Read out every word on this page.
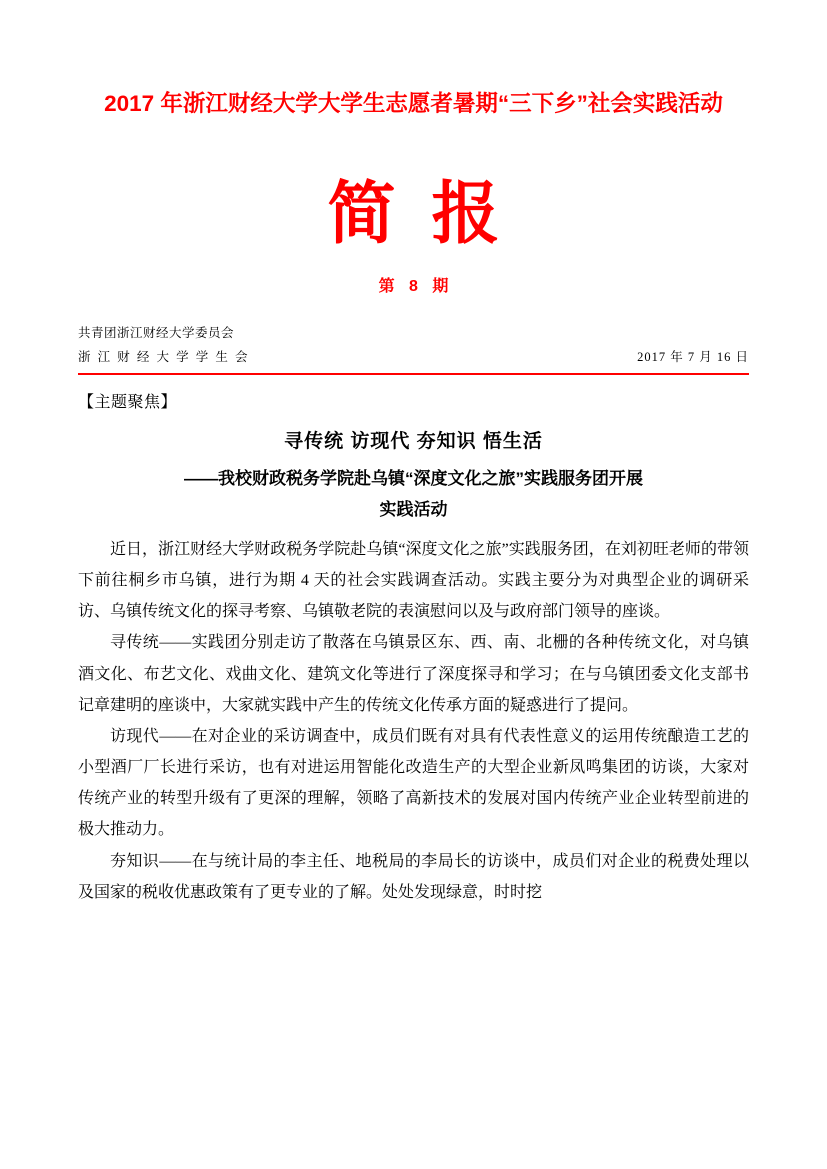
2017 年浙江财经大学大学生志愿者暑期“三下乡”社会实践活动
简报
第 8 期
共青团浙江财经大学委员会
浙 江 财 经 大 学 学 生 会	2017 年 7 月 16 日
【主题聚焦】
寻传统 访现代 夯知识 悟生活
——我校财政税务学院赴乌镇“深度文化之旅”实践服务团开展
实践活动

近日，浙江财经大学财政税务学院赴乌镇“深度文化之旅”实践服务团，在刘初旺老师的带领下前往桐乡市乌镇，进行为期 4 天的社会实践调查活动。实践主要分为对典型企业的调研采访、乌镇传统文化的探寻考察、乌镇敬老院的表演慰问以及与政府部门领导的座谈。

寻传统——实践团分别走访了散落在乌镇景区东、西、南、北栅的各种传统文化，对乌镇酒文化、布艺文化、戏曲文化、建筑文化等进行了深度探寻和学习；在与乌镇团委文化支部书记章建明的座谈中，大家就实践中产生的传统文化传承方面的疑惑进行了提问。

访现代——在对企业的采访调查中，成员们既有对具有代表性意义的运用传统酿造工艺的小型酒厂厂长进行采访，也有对进运用智能化改造生产的大型企业新凤鸣集团的访谈，大家对传统产业的转型升级有了更深的理解，领略了高新技术的发展对国内传统产业企业转型前进的极大推动力。

夯知识——在与统计局的李主任、地税局的李局长的访谈中，成员们对企业的税费处理以及国家的税收优惠政策有了更专业的了解。处处发现绿意，时时挖
